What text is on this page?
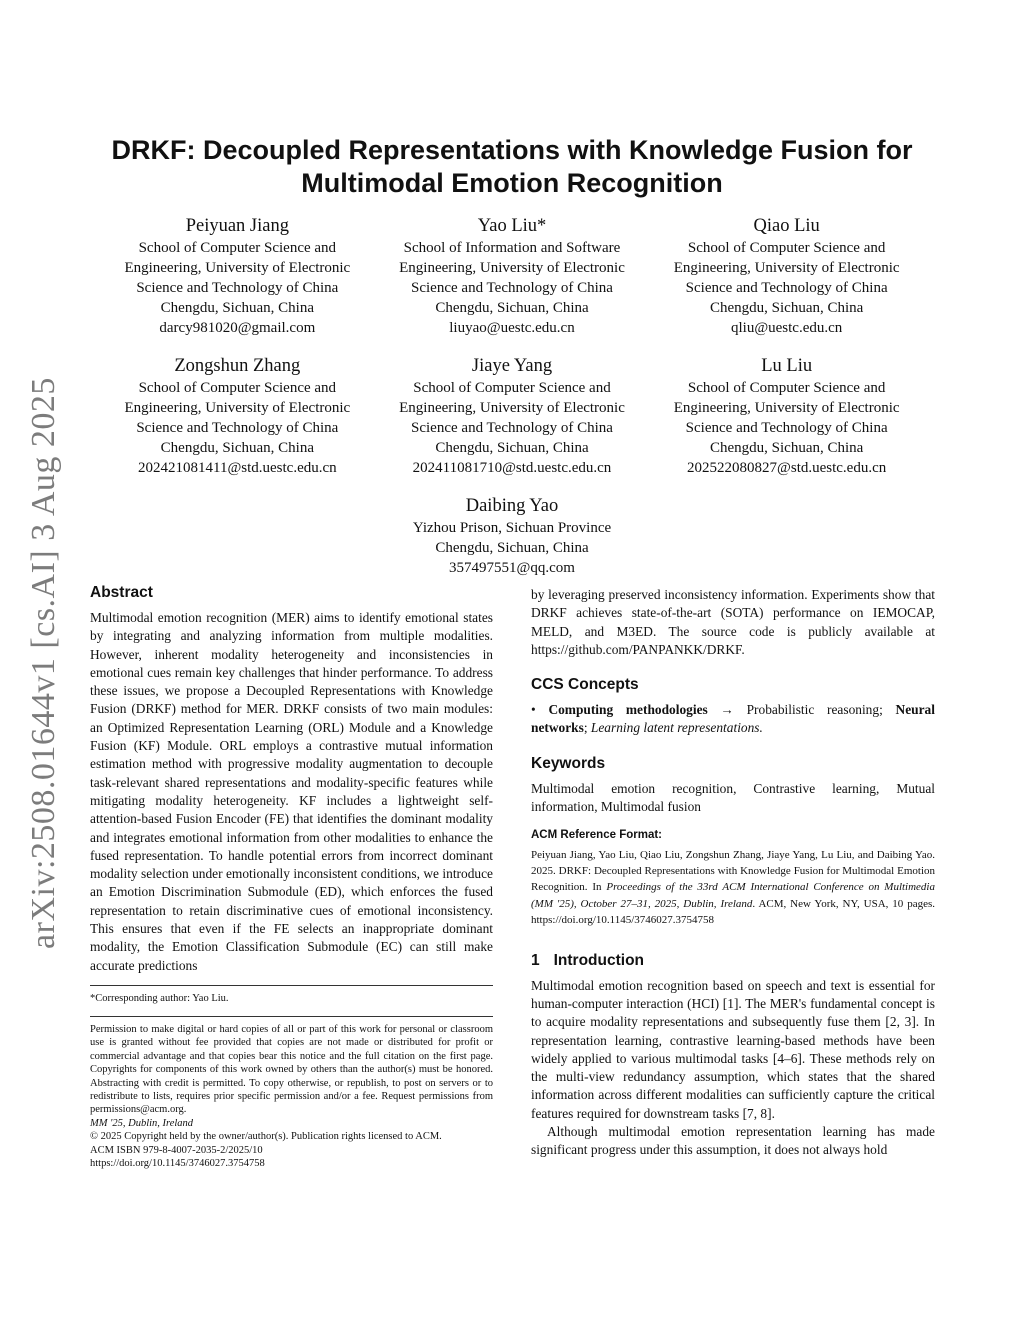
arXiv:2508.01644v1 [cs.AI] 3 Aug 2025
DRKF: Decoupled Representations with Knowledge Fusion for
Multimodal Emotion Recognition
Peiyuan Jiang
School of Computer Science and
Engineering, University of Electronic
Science and Technology of China
Chengdu, Sichuan, China
darcy981020@gmail.com
Yao Liu*
School of Information and Software
Engineering, University of Electronic
Science and Technology of China
Chengdu, Sichuan, China
liuyao@uestc.edu.cn
Qiao Liu
School of Computer Science and
Engineering, University of Electronic
Science and Technology of China
Chengdu, Sichuan, China
qliu@uestc.edu.cn
Zongshun Zhang
School of Computer Science and
Engineering, University of Electronic
Science and Technology of China
Chengdu, Sichuan, China
202421081411@std.uestc.edu.cn
Jiaye Yang
School of Computer Science and
Engineering, University of Electronic
Science and Technology of China
Chengdu, Sichuan, China
202411081710@std.uestc.edu.cn
Lu Liu
School of Computer Science and
Engineering, University of Electronic
Science and Technology of China
Chengdu, Sichuan, China
202522080827@std.uestc.edu.cn
Daibing Yao
Yizhou Prison, Sichuan Province
Chengdu, Sichuan, China
357497551@qq.com
Abstract

Multimodal emotion recognition (MER) aims to identify emotional states by integrating and analyzing information from multiple modalities. However, inherent modality heterogeneity and inconsistencies in emotional cues remain key challenges that hinder performance. To address these issues, we propose a Decoupled Representations with Knowledge Fusion (DRKF) method for MER. DRKF consists of two main modules: an Optimized Representation Learning (ORL) Module and a Knowledge Fusion (KF) Module. ORL employs a contrastive mutual information estimation method with progressive modality augmentation to decouple task-relevant shared representations and modality-specific features while mitigating modality heterogeneity. KF includes a lightweight self-attention-based Fusion Encoder (FE) that identifies the dominant modality and integrates emotional information from other modalities to enhance the fused representation. To handle potential errors from incorrect dominant modality selection under emotionally inconsistent conditions, we introduce an Emotion Discrimination Submodule (ED), which enforces the fused representation to retain discriminative cues of emotional inconsistency. This ensures that even if the FE selects an inappropriate dominant modality, the Emotion Classification Submodule (EC) can still make accurate predictions

*Corresponding author: Yao Liu.

Permission to make digital or hard copies of all or part of this work for personal or classroom use is granted without fee provided that copies are not made or distributed for profit or commercial advantage and that copies bear this notice and the full citation on the first page. Copyrights for components of this work owned by others than the author(s) must be honored. Abstracting with credit is permitted. To copy otherwise, or republish, to post on servers or to redistribute to lists, requires prior specific permission and/or a fee. Request permissions from permissions@acm.org.

MM '25, Dublin, Ireland

© 2025 Copyright held by the owner/author(s). Publication rights licensed to ACM.

ACM ISBN 979-8-4007-2035-2/2025/10

https://doi.org/10.1145/3746027.3754758

by leveraging preserved inconsistency information. Experiments show that DRKF achieves state-of-the-art (SOTA) performance on IEMOCAP, MELD, and M3ED. The source code is publicly available at https://github.com/PANPANKK/DRKF.

CCS Concepts

• Computing methodologies → Probabilistic reasoning; Neural networks; Learning latent representations.

Keywords

Multimodal emotion recognition, Contrastive learning, Mutual information, Multimodal fusion

ACM Reference Format:

Peiyuan Jiang, Yao Liu, Qiao Liu, Zongshun Zhang, Jiaye Yang, Lu Liu, and Daibing Yao. 2025. DRKF: Decoupled Representations with Knowledge Fusion for Multimodal Emotion Recognition. In Proceedings of the 33rd ACM International Conference on Multimedia (MM '25), October 27–31, 2025, Dublin, Ireland. ACM, New York, NY, USA, 10 pages. https://doi.org/10.1145/3746027.3754758

1 Introduction

Multimodal emotion recognition based on speech and text is essential for human-computer interaction (HCI) [1]. The MER's fundamental concept is to acquire modality representations and subsequently fuse them [2, 3]. In representation learning, contrastive learning-based methods have been widely applied to various multimodal tasks [4–6]. These methods rely on the multi-view redundancy assumption, which states that the shared information across different modalities can sufficiently capture the critical features required for downstream tasks [7, 8].

Although multimodal emotion representation learning has made significant progress under this assumption, it does not always hold
